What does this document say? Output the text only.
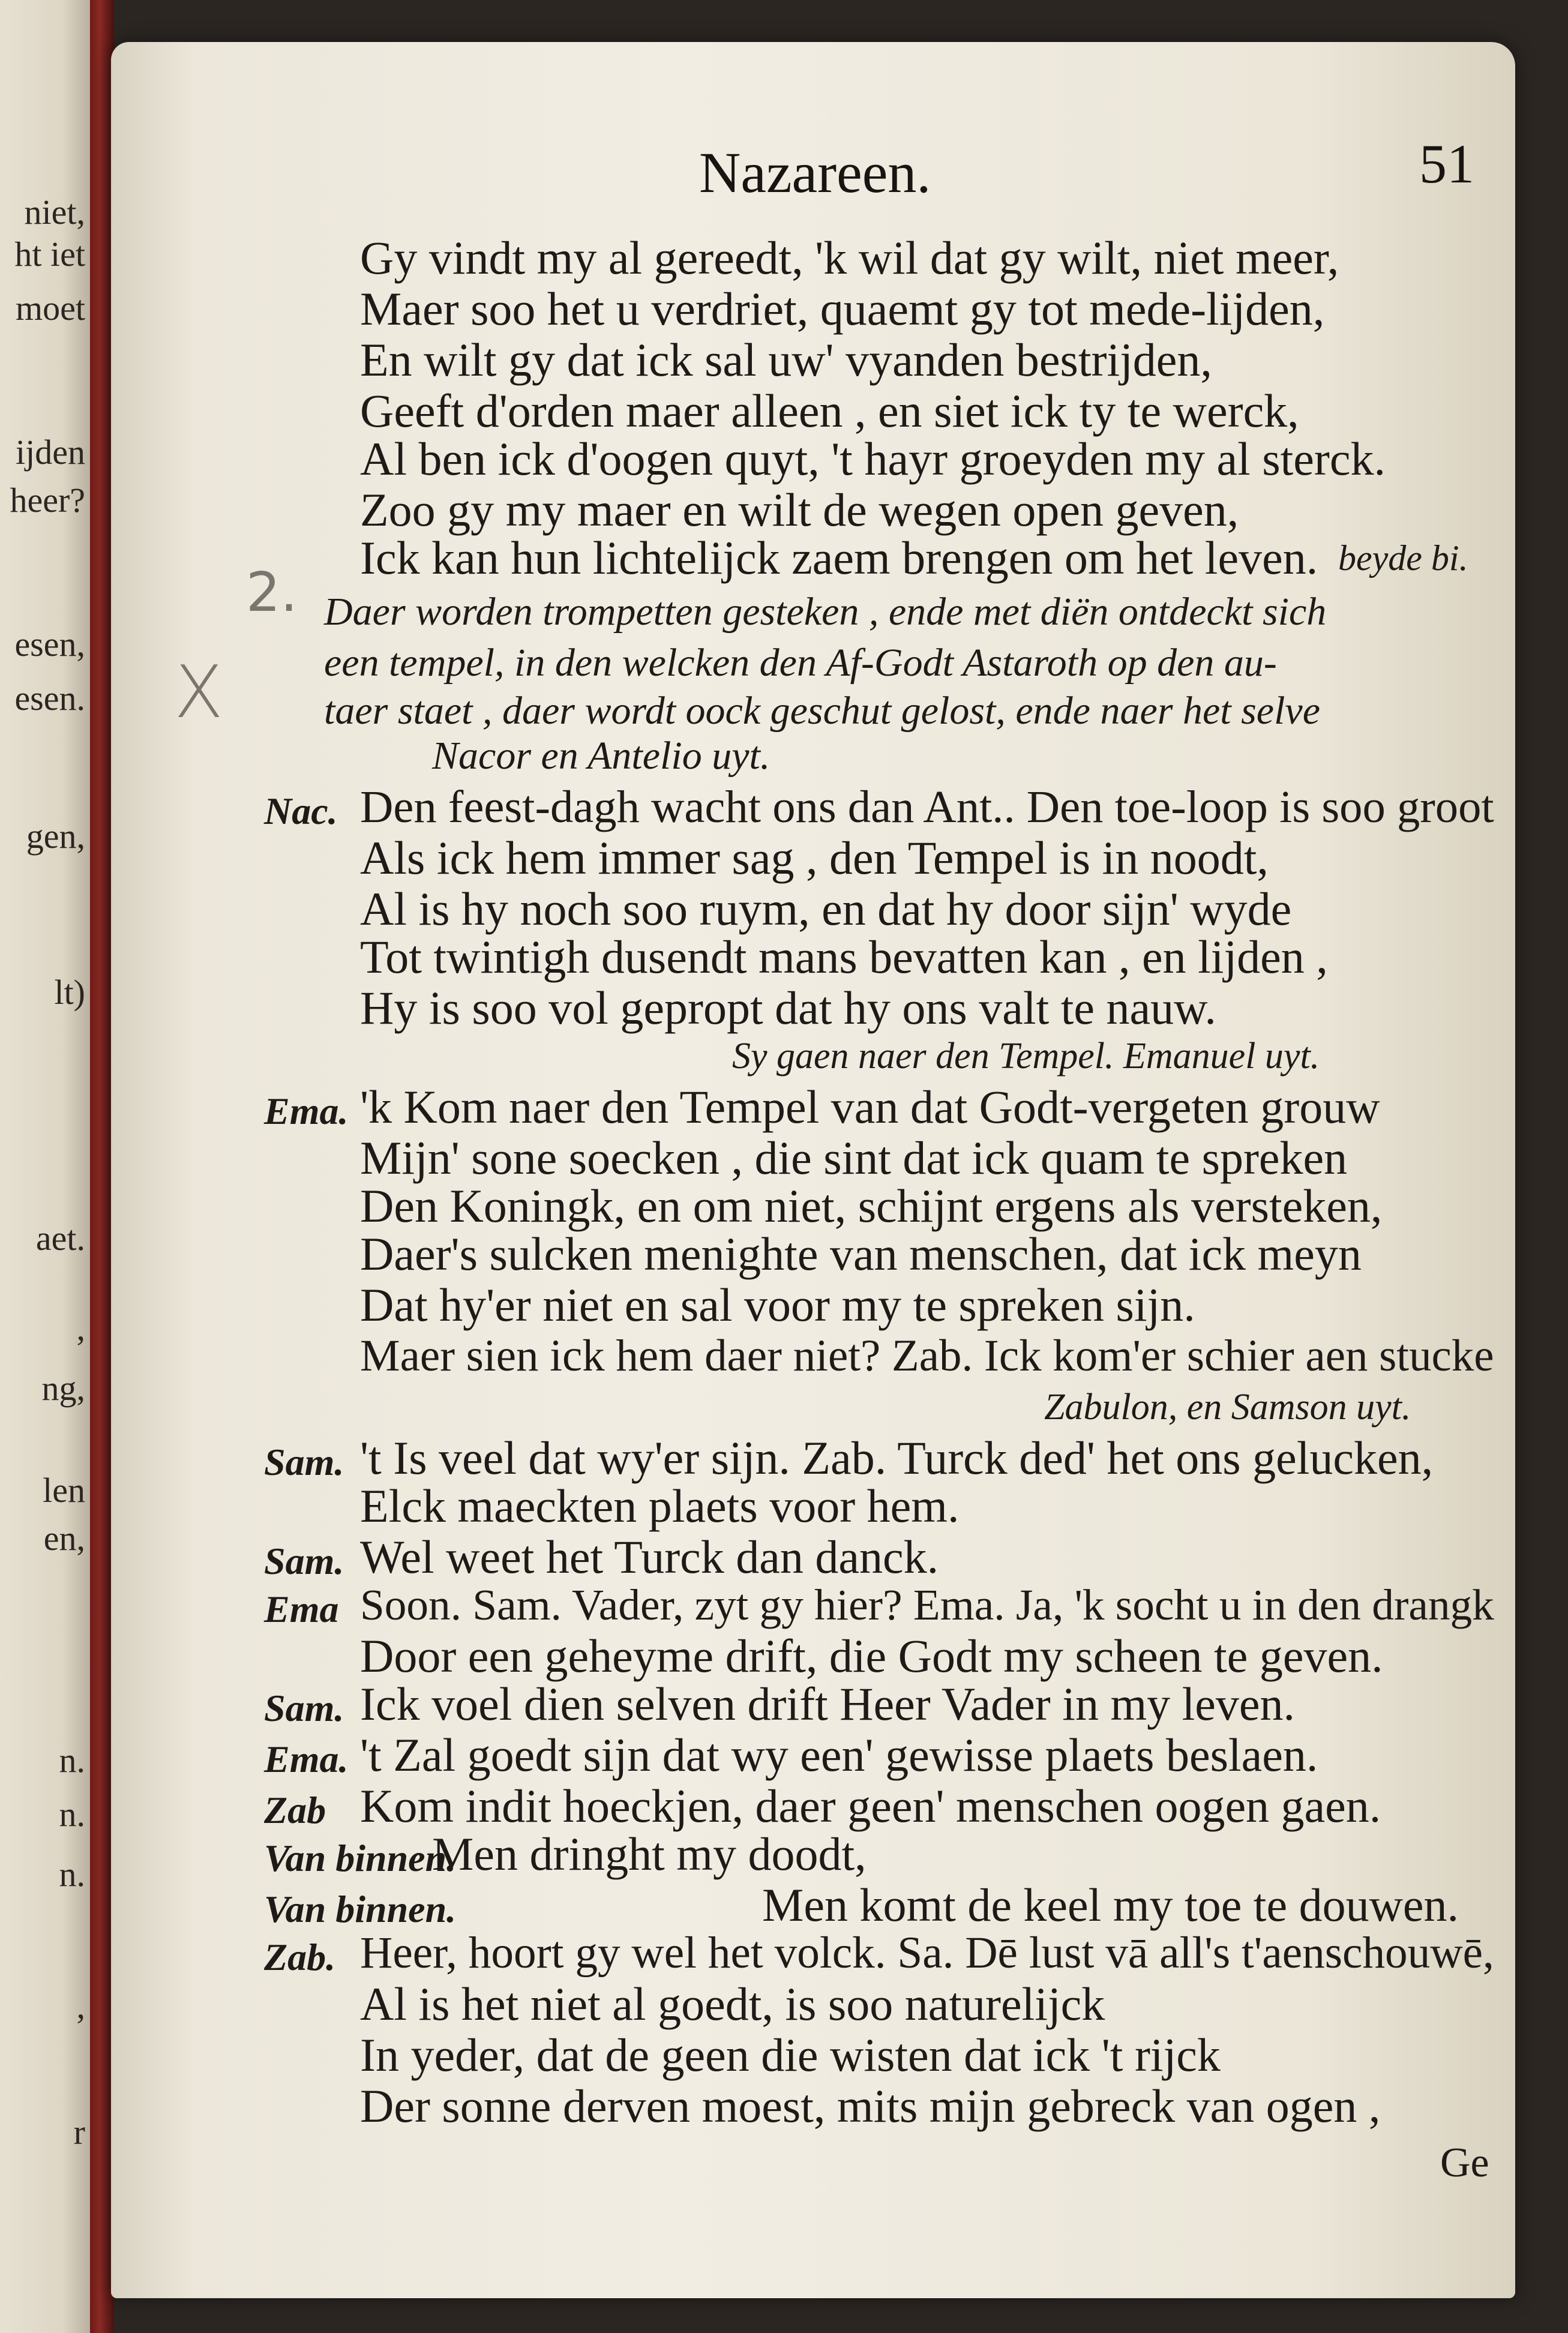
niet,
ht iet
moet
ijden
heer?
esen,
esen.
gen,
lt)
aet.
,
ng,
len
en,
n.
n.
n.
,
r
Nazareen.	51
2.
X
Gy vindt my al gereedt, 'k wil dat gy wilt, niet meer,
Maer soo het u verdriet, quaemt gy tot mede-lijden,
En wilt gy dat ick sal uw' vyanden bestrijden,
Geeft d'orden maer alleen , en siet ick ty te werck,
Al ben ick d'oogen quyt, 't hayr groeyden my al sterck.
Zoo gy my maer en wilt de wegen open geven,
Ick kan hun lichtelijck zaem brengen om het leven. beyde bi.
Daer worden trompetten gesteken , ende met diën ontdeckt sich
een tempel, in den welcken den Af-Godt Astaroth op den au-
taer staet , daer wordt oock geschut gelost, ende naer het selve
Nacor en Antelio uyt.
Nac. Den feest-dagh wacht ons dan Ant.. Den toe-loop is soo groot
Als ick hem immer sag , den Tempel is in noodt,
Al is hy noch soo ruym, en dat hy door sijn' wyde
Tot twintigh dusendt mans bevatten kan , en lijden ,
Hy is soo vol gepropt dat hy ons valt te nauw.
Sy gaen naer den Tempel. Emanuel uyt.
Ema. 'k Kom naer den Tempel van dat Godt-vergeten grouw
Mijn' sone soecken , die sint dat ick quam te spreken
Den Koningk, en om niet, schijnt ergens als versteken,
Daer's sulcken menighte van menschen, dat ick meyn
Dat hy'er niet en sal voor my te spreken sijn.
Maer sien ick hem daer niet? Zab. Ick kom'er schier aen stucke
Zabulon, en Samson uyt.
Sam. 't Is veel dat wy'er sijn. Zab. Turck ded' het ons gelucken,
Elck maeckten plaets voor hem.
Sam. Wel weet het Turck dan danck.
Ema Soon. Sam. Vader, zyt gy hier? Ema. Ja, 'k socht u in den drangk
Door een geheyme drift, die Godt my scheen te geven.
Sam. Ick voel dien selven drift Heer Vader in my leven.
Ema. 't Zal goedt sijn dat wy een' gewisse plaets beslaen.
Zab Kom indit hoeckjen, daer geen' menschen oogen gaen.
Van binnen.
Men dringht my doodt,
Van binnen.	Men komt de keel my toe te douwen.
Zab. Heer, hoort gy wel het volck. Sa. Dē lust vā all's t'aenschouwē,
Al is het niet al goedt, is soo naturelijck
In yeder, dat de geen die wisten dat ick 't rijck
Der sonne derven moest, mits mijn gebreck van ogen ,
Ge
